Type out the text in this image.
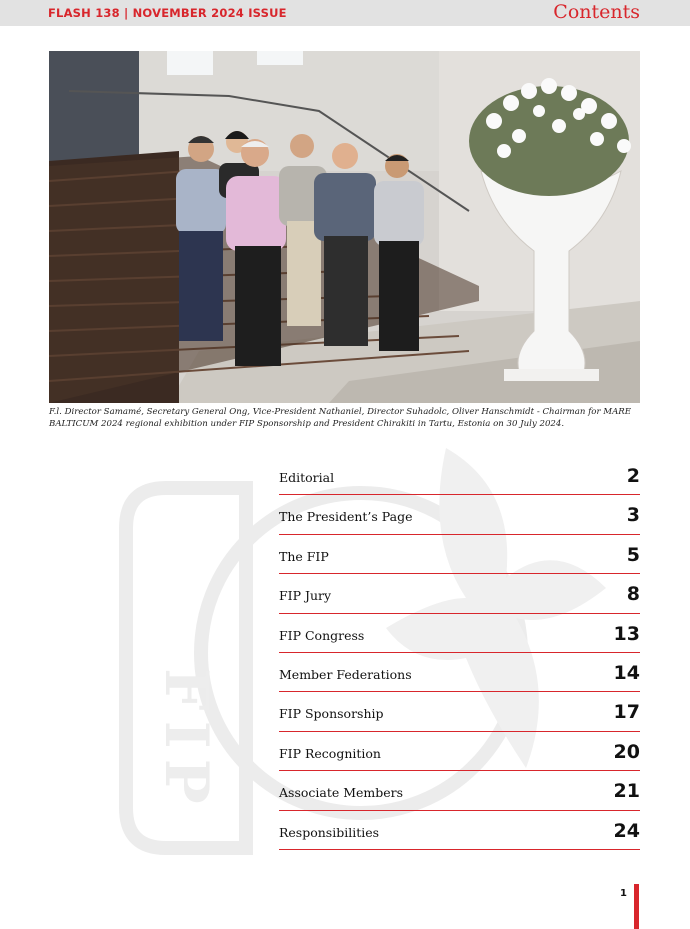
FLASH 138 | NOVEMBER 2024 ISSUE	Contents
F.l. Director Samamé, Secretary General Ong, Vice-President Nathaniel, Director Suhadolc, Oliver Hanschmidt - Chairman for MARE BALTICUM 2024 regional exhibition under FIP Sponsorship and President Chirakiti in Tartu, Estonia on 30 July 2024.
FIP
Editorial	2
The President’s Page	3
The FIP	5
FIP Jury	8
FIP Congress	13
Member Federations	14
FIP Sponsorship	17
FIP Recognition	20
Associate Members	21
Responsibilities	24
1
